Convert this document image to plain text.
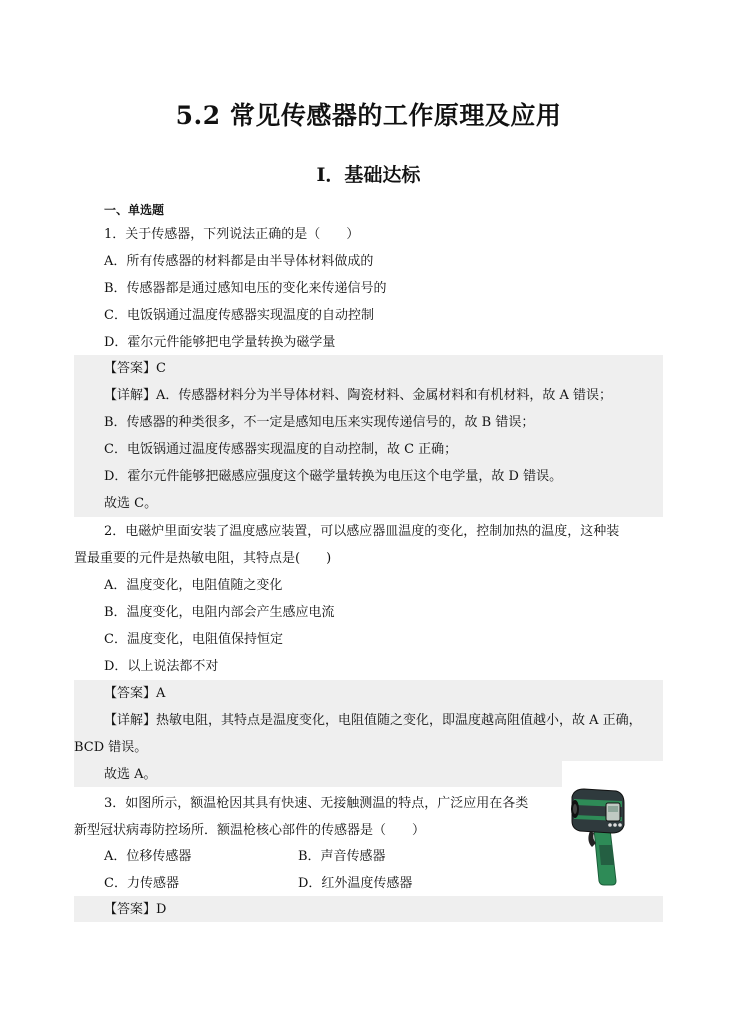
5.2 常见传感器的工作原理及应用
Ⅰ．基础达标
一、单选题
1．关于传感器，下列说法正确的是（　　）
A．所有传感器的材料都是由半导体材料做成的
B．传感器都是通过感知电压的变化来传递信号的
C．电饭锅通过温度传感器实现温度的自动控制
D．霍尔元件能够把电学量转换为磁学量
【答案】C
【详解】A．传感器材料分为半导体材料、陶瓷材料、金属材料和有机材料，故 A 错误；
B．传感器的种类很多，不一定是感知电压来实现传递信号的，故 B 错误；
C．电饭锅通过温度传感器实现温度的自动控制，故 C 正确；
D．霍尔元件能够把磁感应强度这个磁学量转换为电压这个电学量，故 D 错误。
故选 C。
2．电磁炉里面安装了温度感应装置，可以感应器皿温度的变化，控制加热的温度，这种装
置最重要的元件是热敏电阻，其特点是(　　)
A．温度变化，电阻值随之变化
B．温度变化，电阻内部会产生感应电流
C．温度变化，电阻值保持恒定
D．以上说法都不对
【答案】A
【详解】热敏电阻，其特点是温度变化，电阻值随之变化，即温度越高阻值越小，故 A 正确，
BCD 错误。
故选 A。
3．如图所示，额温枪因其具有快速、无接触测温的特点，广泛应用在各类
新型冠状病毒防控场所．额温枪核心部件的传感器是（　　）
A．位移传感器	B．声音传感器
C．力传感器	D．红外温度传感器
【答案】D
